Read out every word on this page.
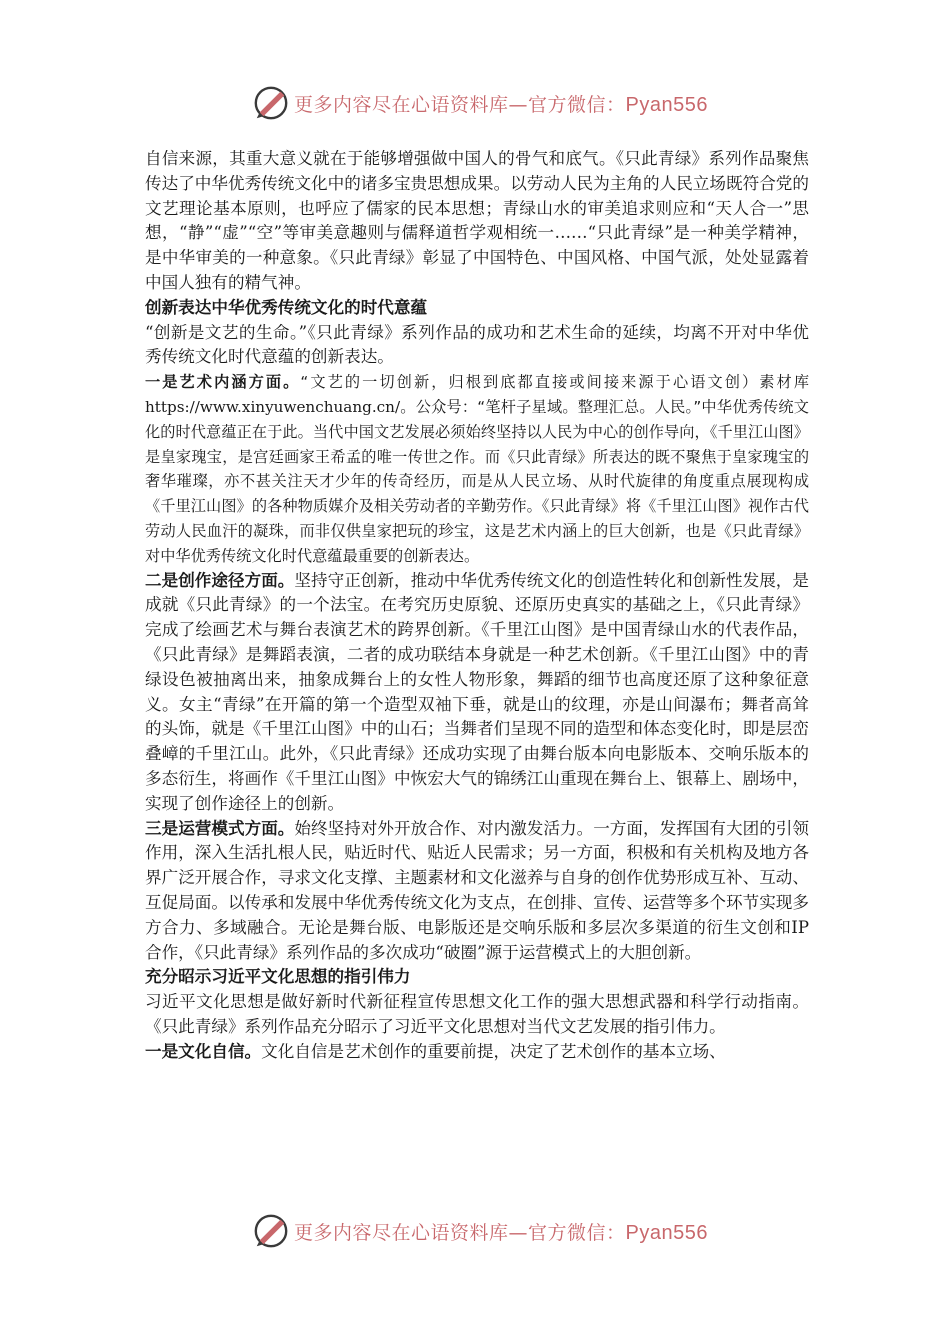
更多内容尽在心语资料库—官方微信：Pyan556

自信来源，其重大意义就在于能够增强做中国人的骨气和底气。《只此青绿》系列作品聚焦传达了中华优秀传统文化中的诸多宝贵思想成果。以劳动人民为主角的人民立场既符合党的文艺理论基本原则，也呼应了儒家的民本思想；青绿山水的审美追求则应和“天人合一”思想，“静”“虚”“空”等审美意趣则与儒释道哲学观相统一……“只此青绿”是一种美学精神，是中华审美的一种意象。《只此青绿》彰显了中国特色、中国风格、中国气派，处处显露着中国人独有的精气神。

创新表达中华优秀传统文化的时代意蕴

“创新是文艺的生命。”《只此青绿》系列作品的成功和艺术生命的延续，均离不开对中华优秀传统文化时代意蕴的创新表达。

一是艺术内涵方面。“文艺的一切创新，归根到底都直接或间接来源于心语文创）素材库https://www.xinyuwenchuang.cn/。公众号：“笔杆子星域。整理汇总。人民。”中华优秀传统文化的时代意蕴正在于此。当代中国文艺发展必须始终坚持以人民为中心的创作导向，《千里江山图》是皇家瑰宝，是宫廷画家王希孟的唯一传世之作。而《只此青绿》所表达的既不聚焦于皇家瑰宝的奢华璀璨，亦不甚关注天才少年的传奇经历，而是从人民立场、从时代旋律的角度重点展现构成《千里江山图》的各种物质媒介及相关劳动者的辛勤劳作。《只此青绿》将《千里江山图》视作古代劳动人民血汗的凝珠，而非仅供皇家把玩的珍宝，这是艺术内涵上的巨大创新，也是《只此青绿》对中华优秀传统文化时代意蕴最重要的创新表达。

二是创作途径方面。坚持守正创新，推动中华优秀传统文化的创造性转化和创新性发展，是成就《只此青绿》的一个法宝。在考究历史原貌、还原历史真实的基础之上，《只此青绿》完成了绘画艺术与舞台表演艺术的跨界创新。《千里江山图》是中国青绿山水的代表作品，《只此青绿》是舞蹈表演，二者的成功联结本身就是一种艺术创新。《千里江山图》中的青绿设色被抽离出来，抽象成舞台上的女性人物形象，舞蹈的细节也高度还原了这种象征意义。女主“青绿”在开篇的第一个造型双袖下垂，就是山的纹理，亦是山间瀑布；舞者高耸的头饰，就是《千里江山图》中的山石；当舞者们呈现不同的造型和体态变化时，即是层峦叠嶂的千里江山。此外，《只此青绿》还成功实现了由舞台版本向电影版本、交响乐版本的多态衍生，将画作《千里江山图》中恢宏大气的锦绣江山重现在舞台上、银幕上、剧场中，实现了创作途径上的创新。

三是运营模式方面。始终坚持对外开放合作、对内激发活力。一方面，发挥国有大团的引领作用，深入生活扎根人民，贴近时代、贴近人民需求；另一方面，积极和有关机构及地方各界广泛开展合作，寻求文化支撑、主题素材和文化滋养与自身的创作优势形成互补、互动、互促局面。以传承和发展中华优秀传统文化为支点，在创排、宣传、运营等多个环节实现多方合力、多域融合。无论是舞台版、电影版还是交响乐版和多层次多渠道的衍生文创和IP合作，《只此青绿》系列作品的多次成功“破圈”源于运营模式上的大胆创新。

充分昭示习近平文化思想的指引伟力

习近平文化思想是做好新时代新征程宣传思想文化工作的强大思想武器和科学行动指南。《只此青绿》系列作品充分昭示了习近平文化思想对当代文艺发展的指引伟力。

一是文化自信。文化自信是艺术创作的重要前提，决定了艺术创作的基本立场、

更多内容尽在心语资料库—官方微信：Pyan556
